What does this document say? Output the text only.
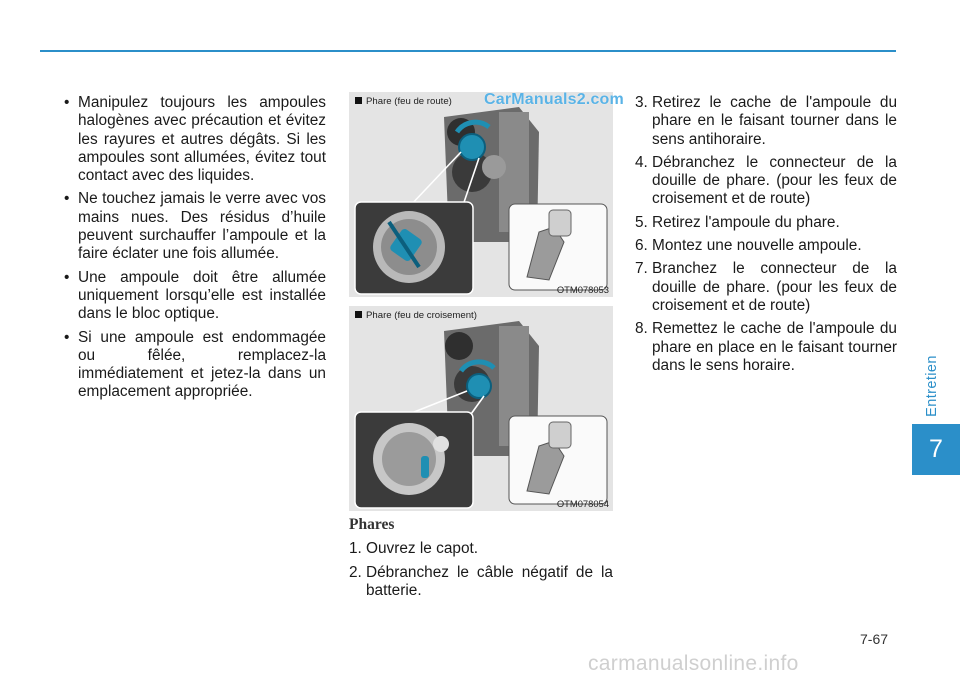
• Manipulez toujours les ampoules halogènes avec précaution et évitez les rayures et autres dégâts. Si les ampoules sont allumées, évitez tout contact avec des liquides.
• Ne touchez jamais le verre avec vos mains nues. Des résidus d’huile peuvent surchauffer l’ampoule et la faire éclater une fois allumée.
• Une ampoule doit être allumée uniquement lorsqu’elle est installée dans le bloc optique.
• Si une ampoule est endommagée ou fêlée, remplacez-la immédiatement et jetez-la dans un emplacement appropriée.
Phare (feu de route)
OTM078053
CarManuals2.com
Phare (feu de croisement)
OTM078054
Phares
1. Ouvrez le capot.
2. Débranchez le câble négatif de la batterie.
3. Retirez le cache de l'ampoule du phare en le faisant tourner dans le sens antihoraire.
4. Débranchez le connecteur de la douille de phare. (pour les feux de croisement et de route)
5. Retirez l'ampoule du phare.
6. Montez une nouvelle ampoule.
7. Branchez le connecteur de la douille de phare. (pour les feux de croisement et de route)
8. Remettez le cache de l'ampoule du phare en place en le faisant tourner dans le sens horaire.	Entretien
7
7-67
carmanualsonline.info
